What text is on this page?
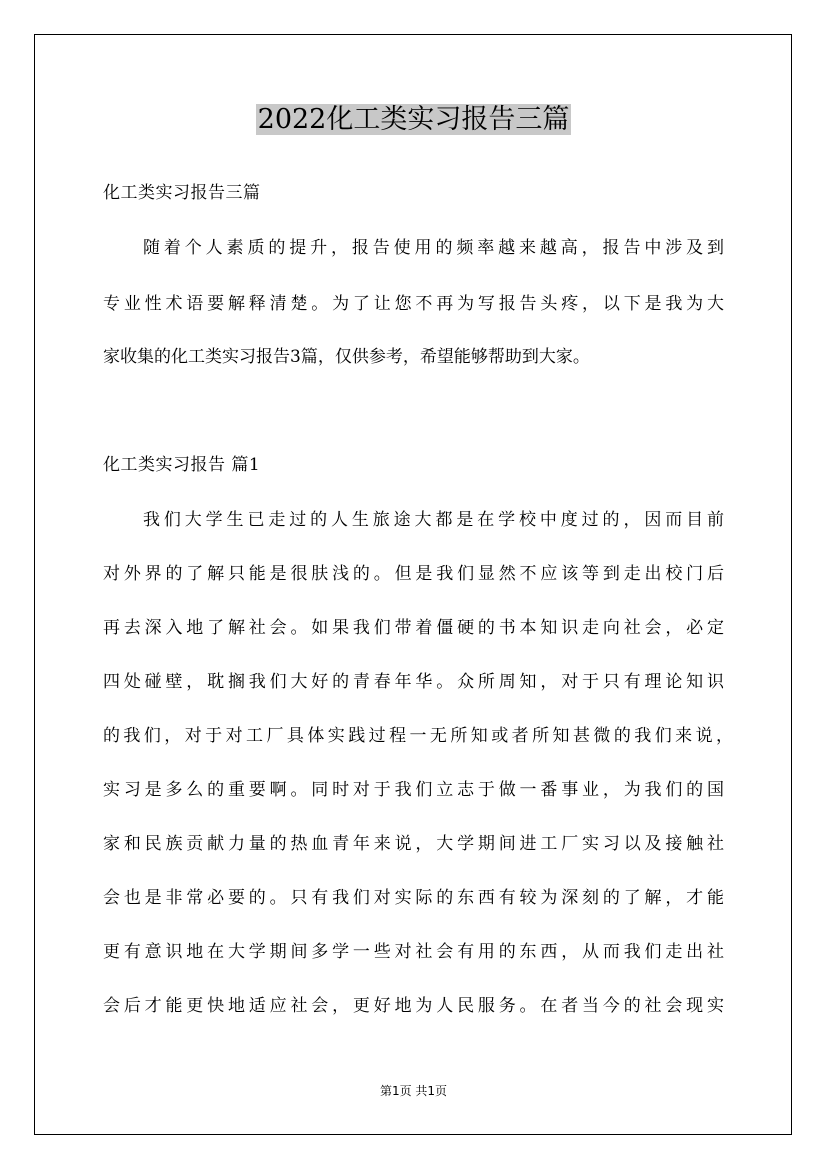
2022化工类实习报告三篇
化工类实习报告三篇
随着个人素质的提升，报告使用的频率越来越高，报告中涉及到
专业性术语要解释清楚。为了让您不再为写报告头疼，以下是我为大
家收集的化工类实习报告3篇，仅供参考，希望能够帮助到大家。
化工类实习报告 篇1
我们大学生已走过的人生旅途大都是在学校中度过的，因而目前
对外界的了解只能是很肤浅的。但是我们显然不应该等到走出校门后
再去深入地了解社会。如果我们带着僵硬的书本知识走向社会，必定
四处碰壁，耽搁我们大好的青春年华。众所周知，对于只有理论知识
的我们，对于对工厂具体实践过程一无所知或者所知甚微的我们来说，
实习是多么的重要啊。同时对于我们立志于做一番事业，为我们的国
家和民族贡献力量的热血青年来说，大学期间进工厂实习以及接触社
会也是非常必要的。只有我们对实际的东西有较为深刻的了解，才能
更有意识地在大学期间多学一些对社会有用的东西，从而我们走出社
会后才能更快地适应社会，更好地为人民服务。在者当今的社会现实
第1页 共1页
